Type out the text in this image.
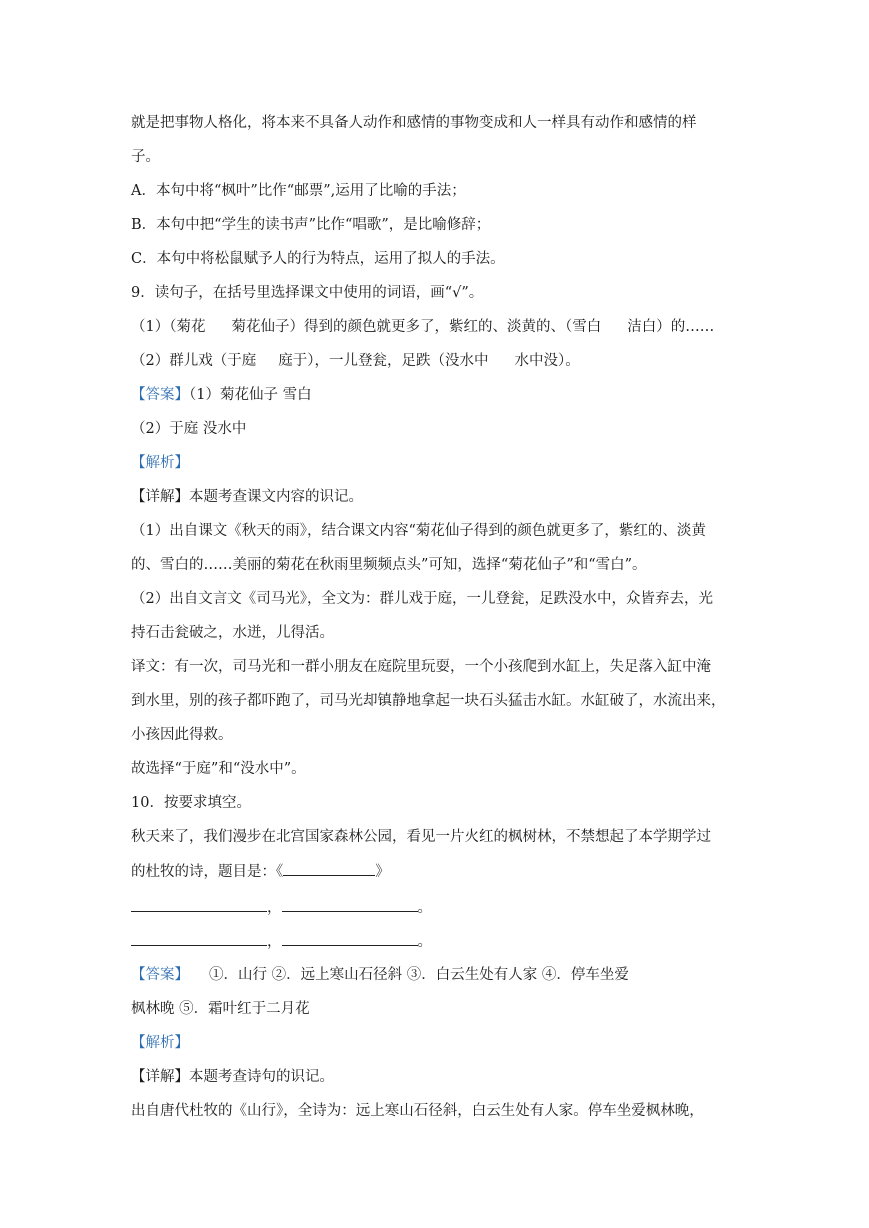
就是把事物人格化，将本来不具备人动作和感情的事物变成和人一样具有动作和感情的样
子。
A．本句中将“枫叶”比作“邮票”,运用了比喻的手法；
B．本句中把“学生的读书声”比作“唱歌”，是比喻修辞；
C．本句中将松鼠赋予人的行为特点，运用了拟人的手法。
9．读句子，在括号里选择课文中使用的词语，画“√”。
（1）（菊花 菊花仙子）得到的颜色就更多了，紫红的、淡黄的、（雪白 洁白）的……
（2）群儿戏（于庭 庭于），一儿登瓮，足跌（没水中 水中没）。
【答案】（1）菊花仙子 雪白
（2）于庭 没水中
【解析】
【详解】本题考查课文内容的识记。
（1）出自课文《秋天的雨》，结合课文内容“菊花仙子得到的颜色就更多了，紫红的、淡黄
的、雪白的……美丽的菊花在秋雨里频频点头”可知，选择“菊花仙子”和“雪白”。
（2）出自文言文《司马光》，全文为：群儿戏于庭，一儿登瓮，足跌没水中，众皆弃去，光
持石击瓮破之，水迸，儿得活。
译文：有一次，司马光和一群小朋友在庭院里玩耍，一个小孩爬到水缸上，失足落入缸中淹
到水里，别的孩子都吓跑了，司马光却镇静地拿起一块石头猛击水缸。水缸破了，水流出来，
小孩因此得救。
故选择“于庭”和“没水中”。
10．按要求填空。
秋天来了，我们漫步在北宫国家森林公园，看见一片火红的枫树林，不禁想起了本学期学过
的杜牧的诗，题目是：《	》
，	。
，	。
【答案】 ①．山行 ②．远上寒山石径斜 ③．白云生处有人家 ④．停车坐爱
枫林晚 ⑤．霜叶红于二月花
【解析】
【详解】本题考查诗句的识记。
出自唐代杜牧的《山行》，全诗为：远上寒山石径斜，白云生处有人家。停车坐爱枫林晚，
